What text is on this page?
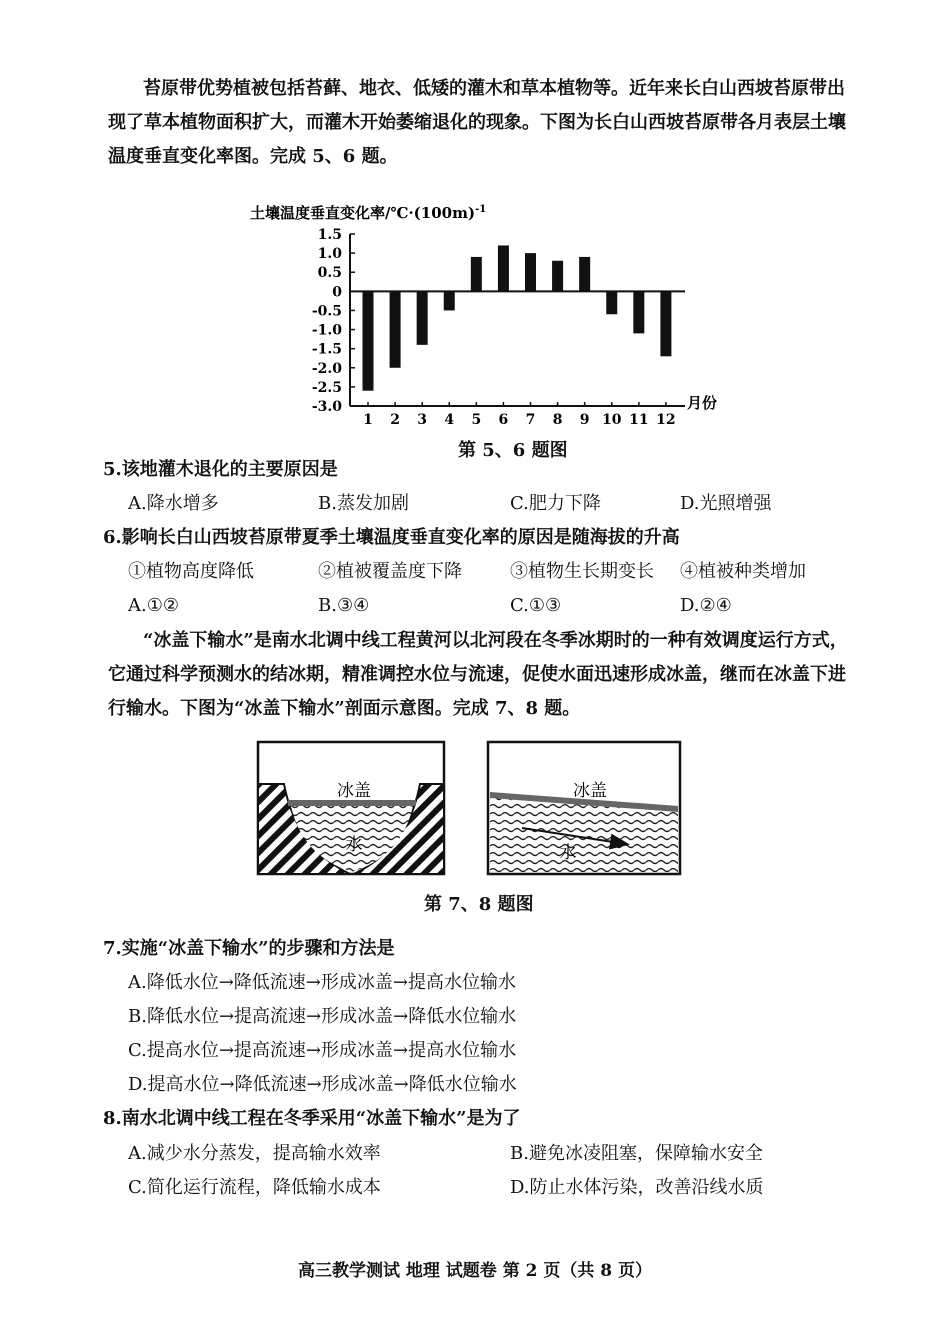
苔原带优势植被包括苔藓、地衣、低矮的灌木和草本植物等。近年来长白山西坡苔原带出
现了草本植物面积扩大，而灌木开始萎缩退化的现象。下图为长白山西坡苔原带各月表层土壤
温度垂直变化率图。完成 5、6 题。
土壤温度垂直变化率$/℃\cdot(100m)^{-1}$
1.5
1.0
0.5
0
-0.5
-1.0
-1.5
-2.0
-2.5
-3.0
1 2 3 4 5 6 7 8 9 10 11 12
月份
第 5、6 题图
5.该地灌木退化的主要原因是
A.降水增多	B.蒸发加剧	C.肥力下降	D.光照增强
6.影响长白山西坡苔原带夏季土壤温度垂直变化率的原因是随海拔的升高
①植物高度降低	②植被覆盖度下降	③植物生长期变长 ④植被种类增加
A.①②	B.③④	C.①③	D.②④
“冰盖下输水”是南水北调中线工程黄河以北河段在冬季冰期时的一种有效调度运行方式，
它通过科学预测水的结冰期，精准调控水位与流速，促使水面迅速形成冰盖，继而在冰盖下进
行输水。下图为“冰盖下输水”剖面示意图。完成 7、8 题。
冰盖
水
冰盖
水
第 7、8 题图
7.实施“冰盖下输水”的步骤和方法是
A.降低水位→降低流速→形成冰盖→提高水位输水
B.降低水位→提高流速→形成冰盖→降低水位输水
C.提高水位→提高流速→形成冰盖→提高水位输水
D.提高水位→降低流速→形成冰盖→降低水位输水
8.南水北调中线工程在冬季采用“冰盖下输水”是为了
A.减少水分蒸发，提高输水效率	B.避免冰凌阻塞，保障输水安全
C.简化运行流程，降低输水成本	D.防止水体污染，改善沿线水质
高三教学测试 地理 试题卷 第 2 页（共 8 页）
